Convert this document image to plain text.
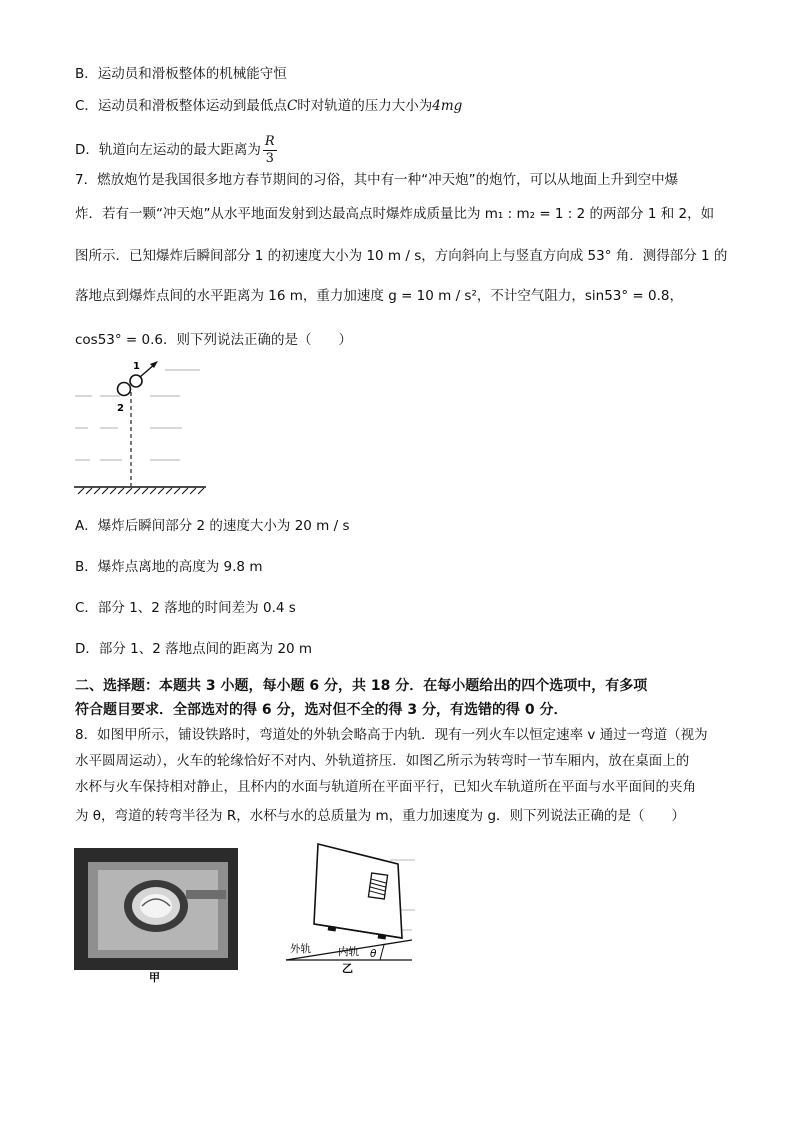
B．运动员和滑板整体的机械能守恒
C．运动员和滑板整体运动到最低点C时对轨道的压力大小为4mg
D．轨道向左运动的最大距离为 $\frac{R}{3}$
7．燃放炮竹是我国很多地方春节期间的习俗，其中有一种“冲天炮”的炮竹，可以从地面上升到空中爆
炸．若有一颗“冲天炮”从水平地面发射到达最高点时爆炸成质量比为 m₁ : m₂ = 1 : 2 的两部分 1 和 2，如
图所示．已知爆炸后瞬间部分 1 的初速度大小为 10 m / s，方向斜向上与竖直方向成 53° 角．测得部分 1 的
落地点到爆炸点间的水平距离为 16 m，重力加速度 g = 10 m / s²，不计空气阻力，sin53° = 0.8，
cos53° = 0.6．则下列说法正确的是（　　）
1
2
A．爆炸后瞬间部分 2 的速度大小为 20 m / s
B．爆炸点离地的高度为 9.8 m
C．部分 1、2 落地的时间差为 0.4 s
D．部分 1、2 落地点间的距离为 20 m
二、选择题：本题共 3 小题，每小题 6 分，共 18 分．在每小题给出的四个选项中，有多项
符合题目要求．全部选对的得 6 分，选对但不全的得 3 分，有选错的得 0 分．
8．如图甲所示，铺设铁路时，弯道处的外轨会略高于内轨．现有一列火车以恒定速率 v 通过一弯道（视为
水平圆周运动），火车的轮缘恰好不对内、外轨道挤压．如图乙所示为转弯时一节车厢内，放在桌面上的
水杯与火车保持相对静止，且杯内的水面与轨道所在平面平行，已知火车轨道所在平面与水平面间的夹角
为 θ，弯道的转弯半径为 R，水杯与水的总质量为 m，重力加速度为 g．则下列说法正确的是（　　）
甲
外轨	内轨 θ
乙
